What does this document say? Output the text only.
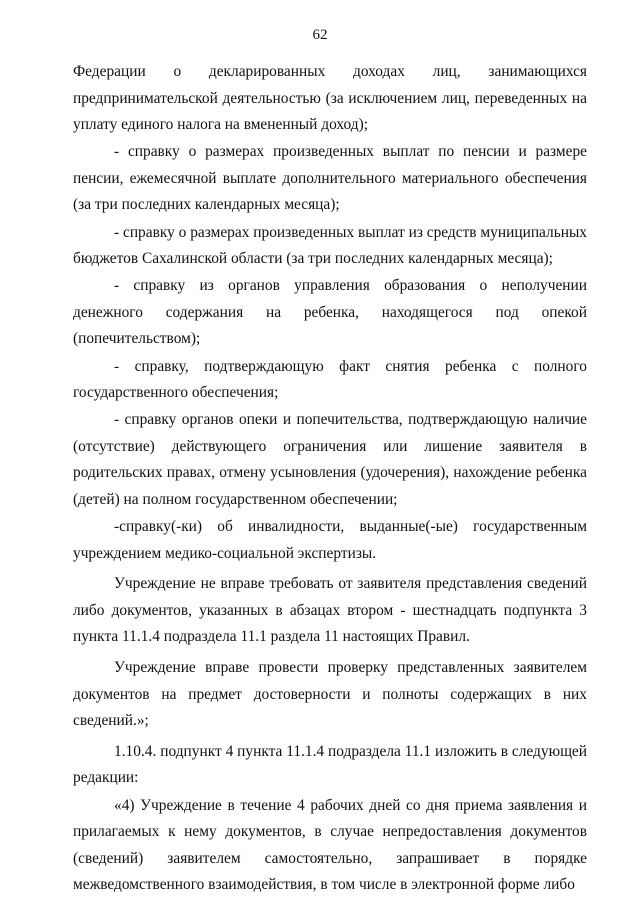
62

Федерации о декларированных доходах лиц, занимающихся предпринимательской деятельностью (за исключением лиц, переведенных на уплату единого налога на вмененный доход);

- справку о размерах произведенных выплат по пенсии и размере пенсии, ежемесячной выплате дополнительного материального обеспечения (за три последних календарных месяца);

- справку о размерах произведенных выплат из средств муниципальных бюджетов Сахалинской области (за три последних календарных месяца);

- справку из органов управления образования о неполучении денежного содержания на ребенка, находящегося под опекой (попечительством);

- справку, подтверждающую факт снятия ребенка с полного государственного обеспечения;

- справку органов опеки и попечительства, подтверждающую наличие (отсутствие) действующего ограничения или лишение заявителя в родительских правах, отмену усыновления (удочерения), нахождение ребенка (детей) на полном государственном обеспечении;

-справку(-ки) об инвалидности, выданные(-ые) государственным учреждением медико-социальной экспертизы.

Учреждение не вправе требовать от заявителя представления сведений либо документов, указанных в абзацах втором - шестнадцать подпункта 3 пункта 11.1.4 подраздела 11.1 раздела 11 настоящих Правил.

Учреждение вправе провести проверку представленных заявителем документов на предмет достоверности и полноты содержащих в них сведений.»;

1.10.4. подпункт 4 пункта 11.1.4 подраздела 11.1 изложить в следующей редакции:

«4) Учреждение в течение 4 рабочих дней со дня приема заявления и прилагаемых к нему документов, в случае непредоставления документов (сведений) заявителем самостоятельно, запрашивает в порядке межведомственного взаимодействия, в том числе в электронной форме либо
